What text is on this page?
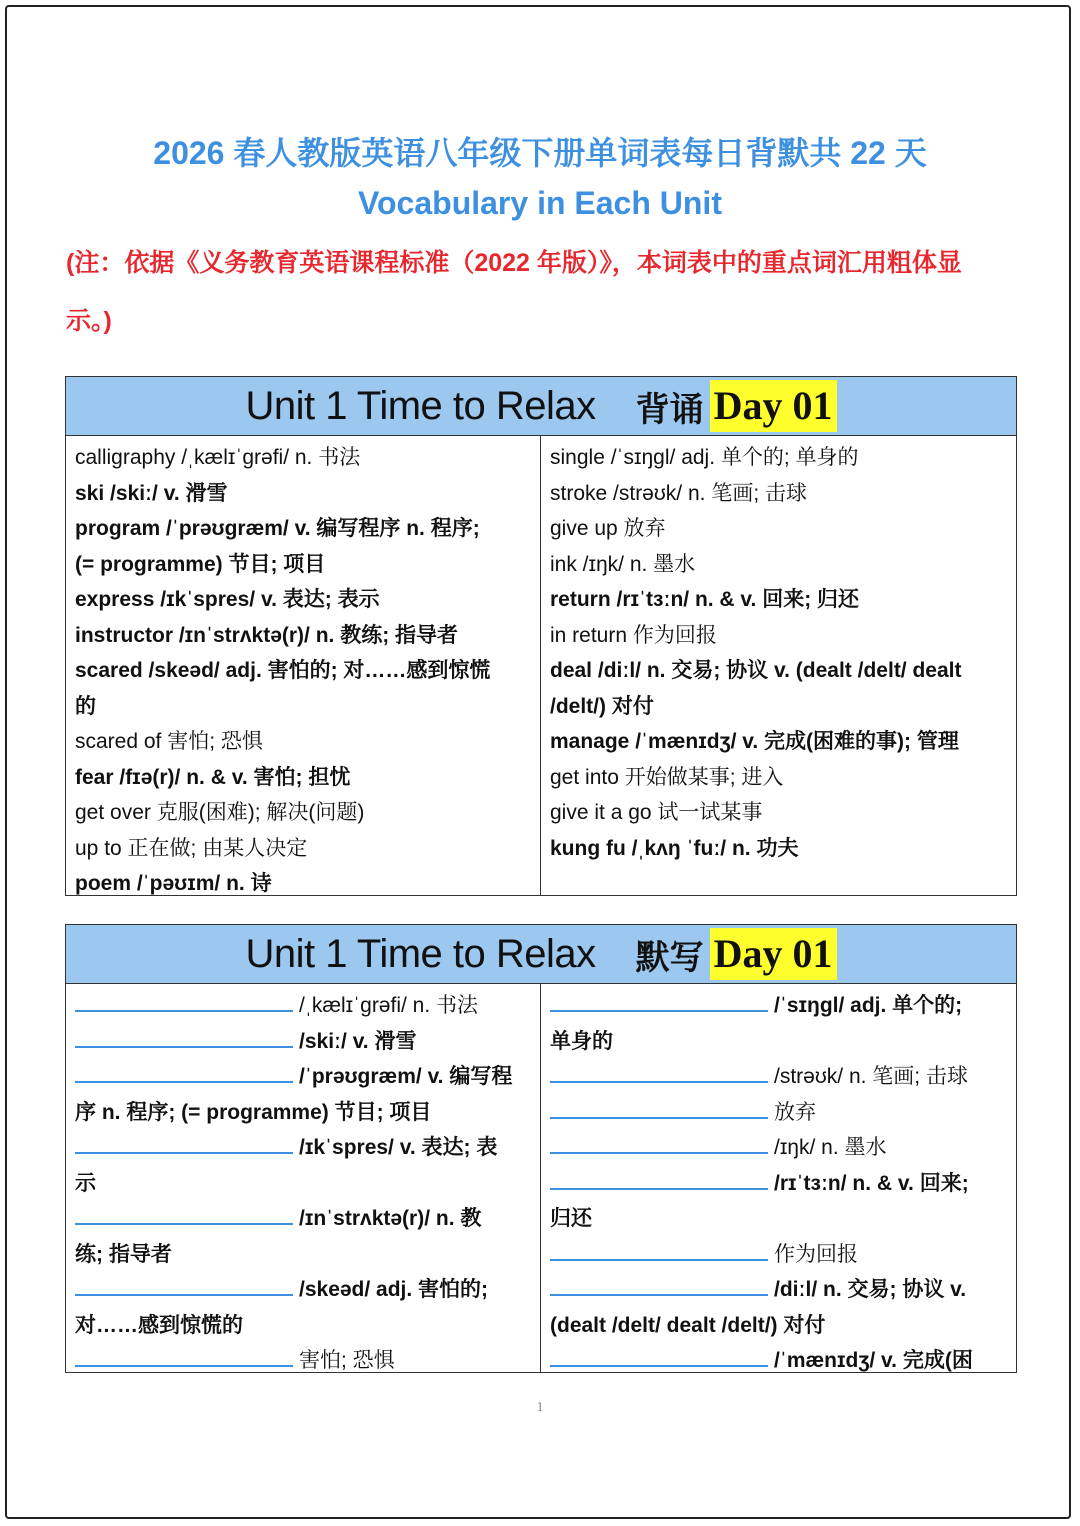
2026 春人教版英语八年级下册单词表每日背默共 22 天
Vocabulary in Each Unit
(注：依据《义务教育英语课程标准（2022 年版）》，本词表中的重点词汇用粗体显
示。)
Unit 1 Time to Relax 背诵 Day 01
calligraphy /ˌkælɪˈɡrəfi/ n. 书法
ski /skiː/ v. 滑雪
program /ˈprəʊɡræm/ v. 编写程序 n. 程序;
(= programme) 节目; 项目
express /ɪkˈspres/ v. 表达; 表示
instructor /ɪnˈstrʌktə(r)/ n. 教练; 指导者
scared /skeəd/ adj. 害怕的; 对……感到惊慌
的
scared of 害怕; 恐惧
fear /fɪə(r)/ n. & v. 害怕; 担忧
get over 克服(困难); 解决(问题)
up to 正在做; 由某人决定
poem /ˈpəʊɪm/ n. 诗
single /ˈsɪŋɡl/ adj. 单个的; 单身的
stroke /strəʊk/ n. 笔画; 击球
give up 放弃
ink /ɪŋk/ n. 墨水
return /rɪˈtɜːn/ n. & v. 回来; 归还
in return 作为回报
deal /diːl/ n. 交易; 协议 v. (dealt /delt/ dealt
/delt/) 对付
manage /ˈmænɪdʒ/ v. 完成(困难的事); 管理
get into 开始做某事; 进入
give it a go 试一试某事
kung fu /ˌkʌŋ ˈfuː/ n. 功夫
Unit 1 Time to Relax 默写 Day 01
/ˌkælɪˈɡrəfi/ n. 书法
/skiː/ v. 滑雪
/ˈprəʊɡræm/ v. 编写程
序 n. 程序; (= programme) 节目; 项目
/ɪkˈspres/ v. 表达; 表
示
/ɪnˈstrʌktə(r)/ n. 教
练; 指导者
/skeəd/ adj. 害怕的;
对……感到惊慌的
害怕; 恐惧
/ˈsɪŋɡl/ adj. 单个的;
单身的
/strəʊk/ n. 笔画; 击球
放弃
/ɪŋk/ n. 墨水
/rɪˈtɜːn/ n. & v. 回来;
归还
作为回报
/diːl/ n. 交易; 协议 v.
(dealt /delt/ dealt /delt/) 对付
/ˈmænɪdʒ/ v. 完成(困
1
